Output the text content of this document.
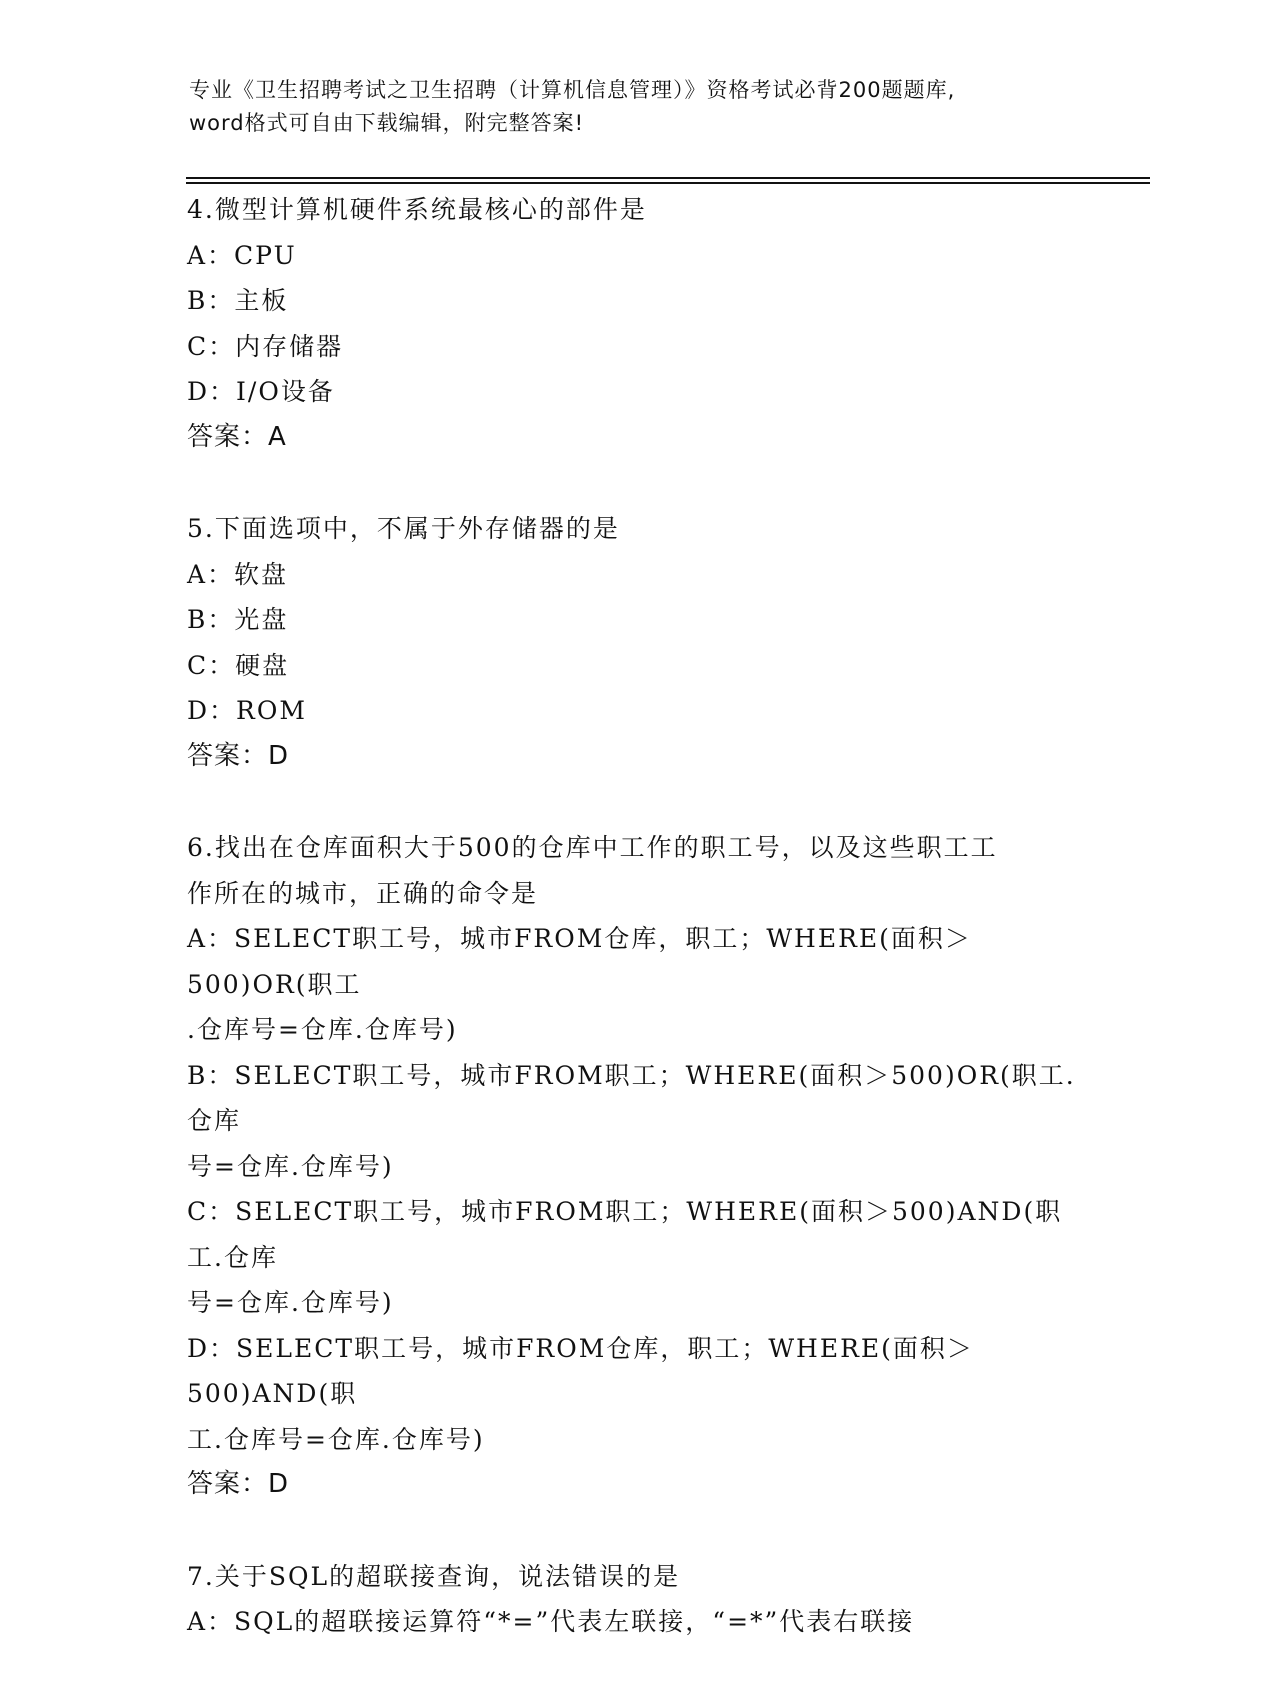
专业《卫生招聘考试之卫生招聘（计算机信息管理）》资格考试必背200题题库,
word格式可自由下载编辑，附完整答案!
4.微型计算机硬件系统最核心的部件是
A：CPU
B：主板
C：内存储器
D：I/O设备
答案：A
5.下面选项中，不属于外存储器的是
A：软盘
B：光盘
C：硬盘
D：ROM
答案：D
6.找出在仓库面积大于500的仓库中工作的职工号，以及这些职工工
作所在的城市，正确的命令是
A：SELECT职工号，城市FROM仓库，职工；WHERE(面积＞500)OR(职工
.仓库号=仓库.仓库号)
B：SELECT职工号，城市FROM职工；WHERE(面积＞500)OR(职工.仓库
号=仓库.仓库号)
C：SELECT职工号，城市FROM职工；WHERE(面积＞500)AND(职工.仓库
号=仓库.仓库号)
D：SELECT职工号，城市FROM仓库，职工；WHERE(面积＞500)AND(职
工.仓库号=仓库.仓库号)
答案：D
7.关于SQL的超联接查询，说法错误的是
A：SQL的超联接运算符“*=”代表左联接，“=*”代表右联接
